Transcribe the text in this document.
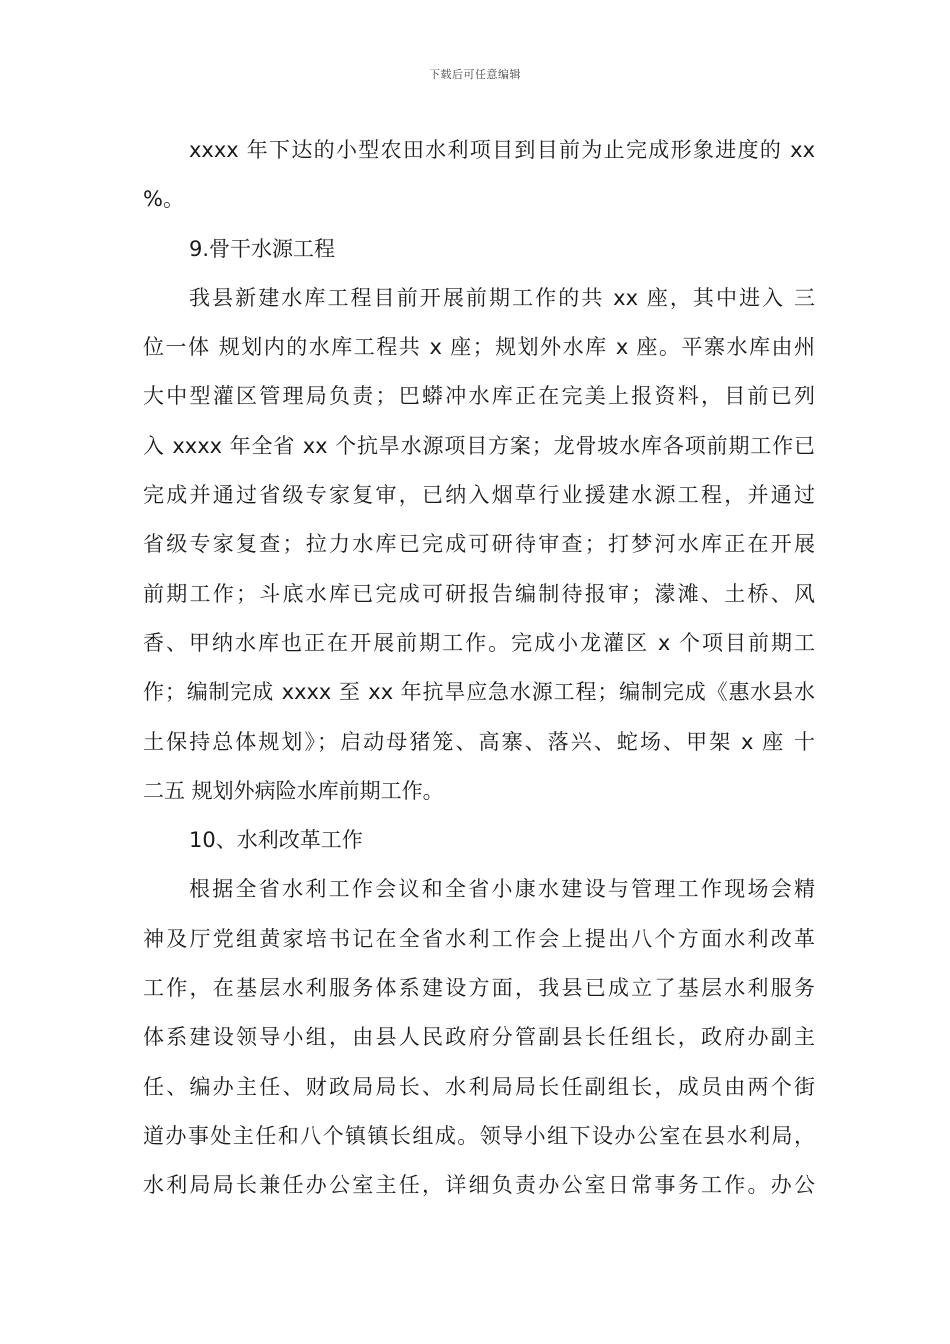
下载后可任意编辑
xxxx 年下达的小型农田水利项目到目前为止完成形象进度的 xx
%。
9.骨干水源工程
我县新建水库工程目前开展前期工作的共 xx 座，其中进入 三
位一体 规划内的水库工程共 x 座；规划外水库 x 座。平寨水库由州
大中型灌区管理局负责；巴蟒冲水库正在完美上报资料，目前已列
入 xxxx 年全省 xx 个抗旱水源项目方案；龙骨坡水库各项前期工作已
完成并通过省级专家复审，已纳入烟草行业援建水源工程，并通过
省级专家复查；拉力水库已完成可研待审查；打梦河水库正在开展
前期工作；斗底水库已完成可研报告编制待报审；濛滩、土桥、风
香、甲纳水库也正在开展前期工作。完成小龙灌区 x 个项目前期工
作；编制完成 xxxx 至 xx 年抗旱应急水源工程；编制完成《惠水县水
土保持总体规划》；启动母猪笼、高寨、落兴、蛇场、甲架 x 座 十
二五 规划外病险水库前期工作。
10、水利改革工作
根据全省水利工作会议和全省小康水建设与管理工作现场会精
神及厅党组黄家培书记在全省水利工作会上提出八个方面水利改革
工作，在基层水利服务体系建设方面，我县已成立了基层水利服务
体系建设领导小组，由县人民政府分管副县长任组长，政府办副主
任、编办主任、财政局局长、水利局局长任副组长，成员由两个街
道办事处主任和八个镇镇长组成。领导小组下设办公室在县水利局，
水利局局长兼任办公室主任，详细负责办公室日常事务工作。办公
